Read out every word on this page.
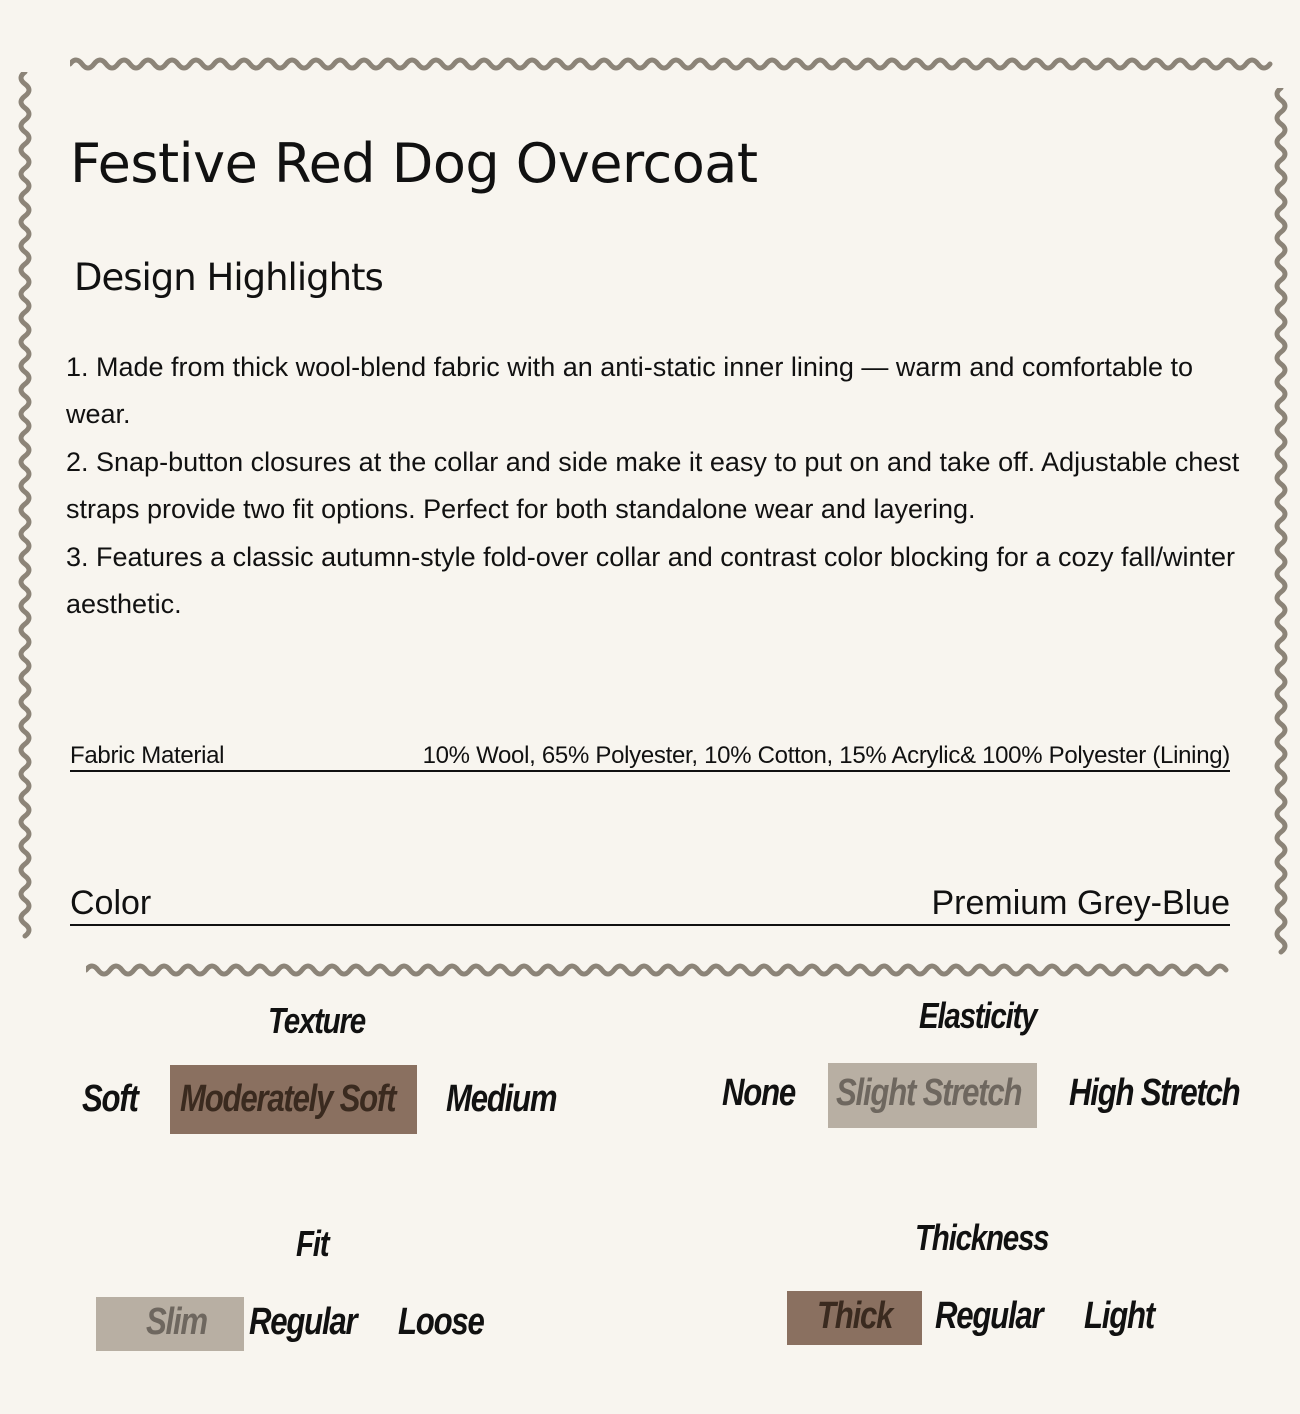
Festive Red Dog Overcoat
Design Highlights
1. Made from thick wool-blend fabric with an anti-static inner lining — warm and comfortable to wear.
2. Snap-button closures at the collar and side make it easy to put on and take off. Adjustable chest straps provide two fit options. Perfect for both standalone wear and layering.
3. Features a classic autumn-style fold-over collar and contrast color blocking for a cozy fall/winter aesthetic.
Fabric Material	10% Wool, 65% Polyester, 10% Cotton, 15% Acrylic& 100% Polyester (Lining)
Color	Premium Grey-Blue
Texture
Soft Moderately Soft Medium
Elasticity
None Slight Stretch High Stretch
Fit
Slim Regular Loose
Thickness
Thick Regular Light
